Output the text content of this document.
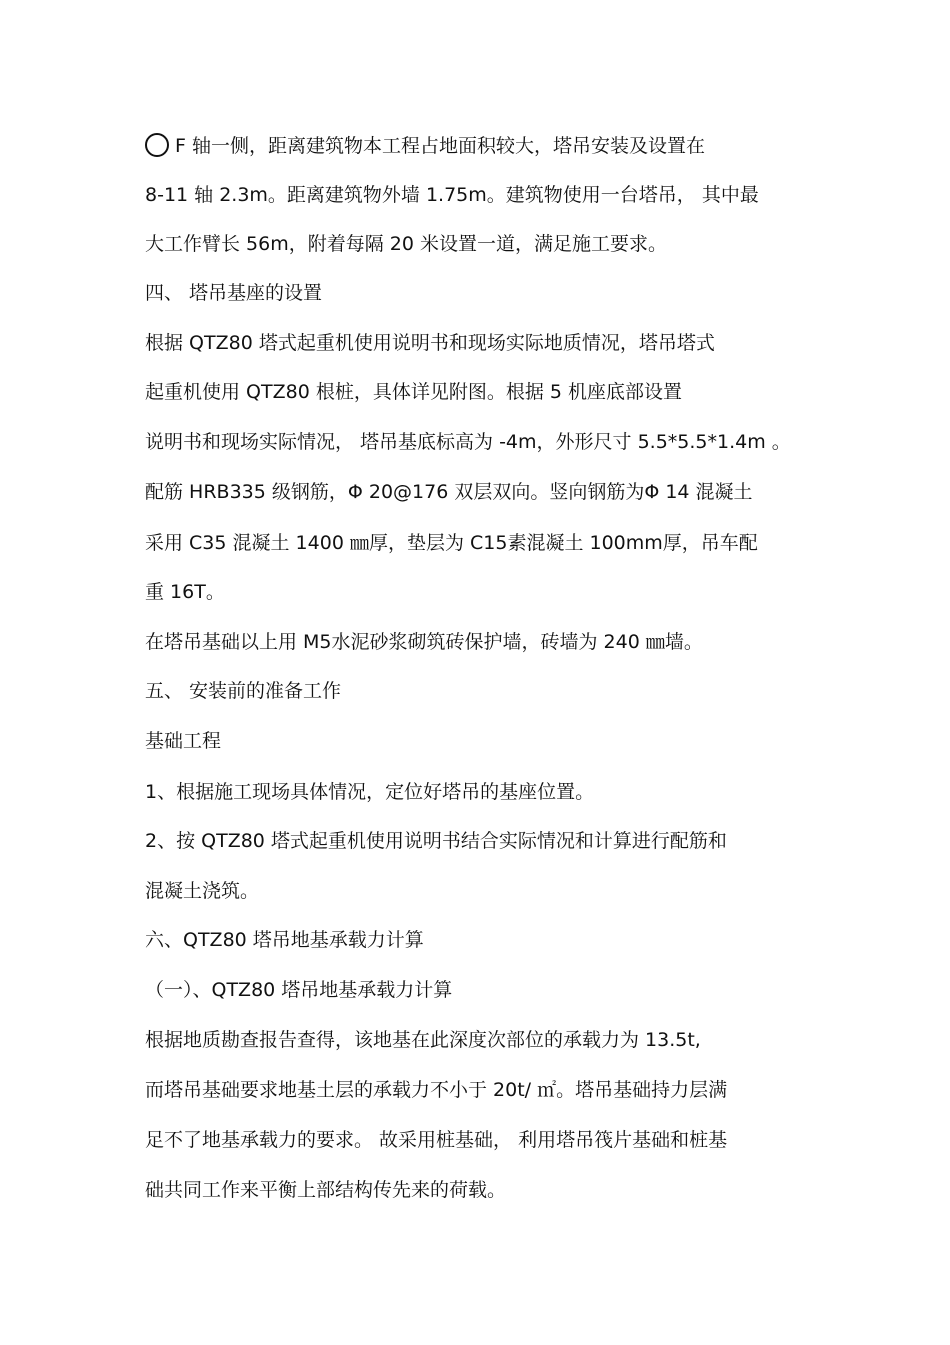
F 轴一侧，距离建筑物本工程占地面积较大，塔吊安装及设置在
8-11 轴 2.3m。距离建筑物外墙 1.75m。建筑物使用一台塔吊， 其中最
大工作臂长 56m，附着每隔 20 米设置一道，满足施工要求。
四、 塔吊基座的设置
根据 QTZ80 塔式起重机使用说明书和现场实际地质情况，塔吊塔式
起重机使用 QTZ80 根桩，具体详见附图。根据 5 机座底部设置
说明书和现场实际情况， 塔吊基底标高为 -4m，外形尺寸 5.5*5.5*1.4m 。
配筋 HRB335 级钢筋，Φ 20@176 双层双向。竖向钢筋为Φ 14 混凝土
采用 C35 混凝土 1400 ㎜厚，垫层为 C15素混凝土 100mm厚，吊车配
重 16T。
在塔吊基础以上用 M5水泥砂浆砌筑砖保护墙，砖墙为 240 ㎜墙。
五、 安装前的准备工作
基础工程
1、根据施工现场具体情况，定位好塔吊的基座位置。
2、按 QTZ80 塔式起重机使用说明书结合实际情况和计算进行配筋和
混凝土浇筑。
六、QTZ80 塔吊地基承载力计算
（一）、QTZ80 塔吊地基承载力计算
根据地质勘查报告查得，该地基在此深度次部位的承载力为 13.5t,
而塔吊基础要求地基土层的承载力不小于 20t/ ㎡。塔吊基础持力层满
足不了地基承载力的要求。 故采用桩基础， 利用塔吊筏片基础和桩基
础共同工作来平衡上部结构传先来的荷载。
